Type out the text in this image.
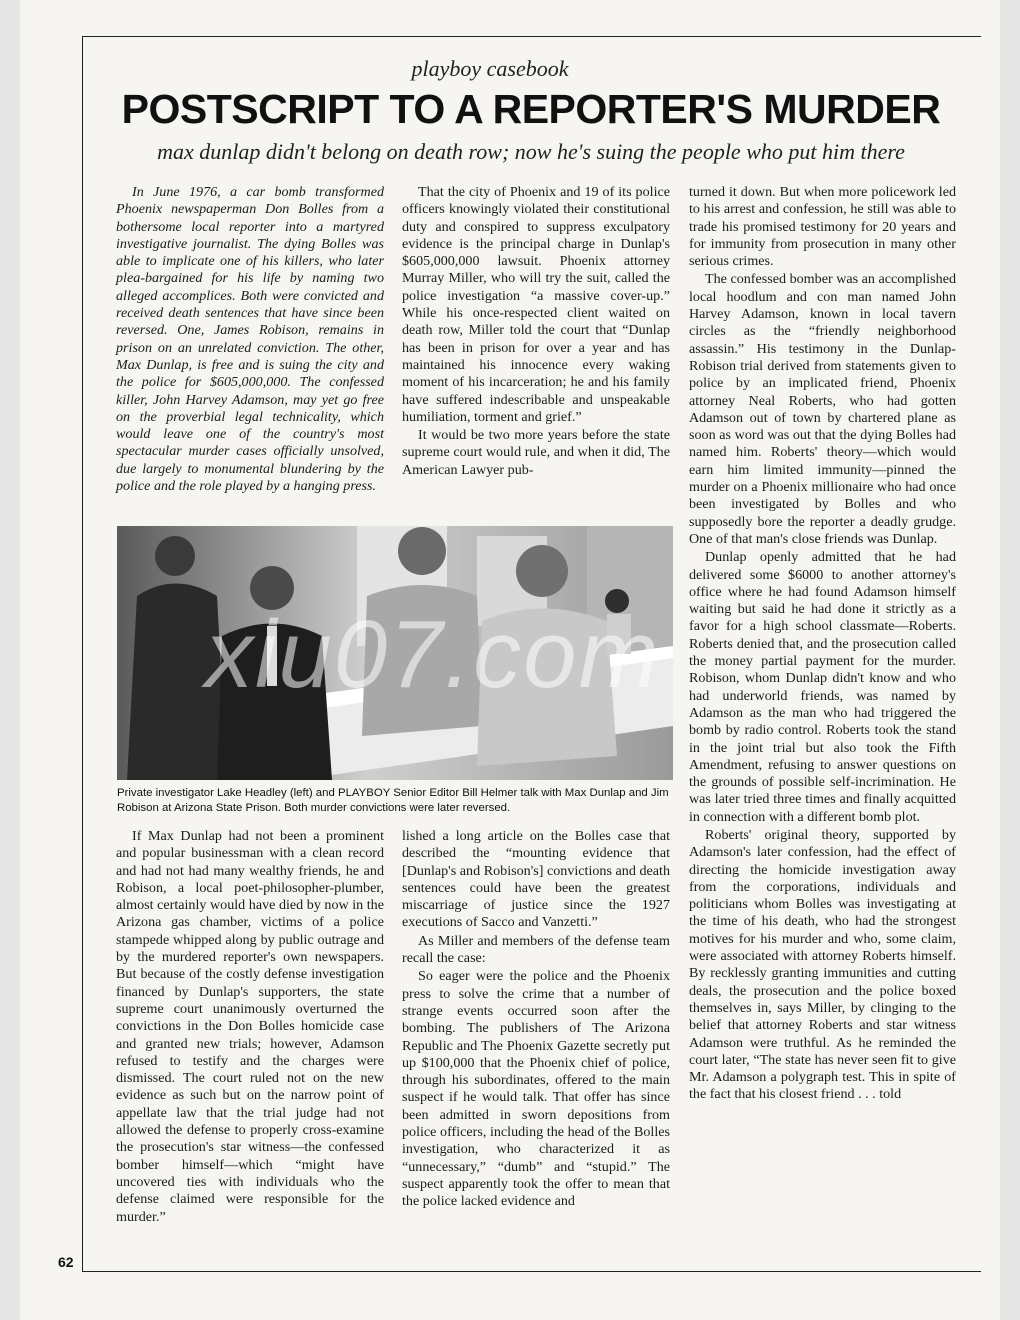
playboy casebook
POSTSCRIPT TO A REPORTER'S MURDER
max dunlap didn't belong on death row; now he's suing the people who put him there

In June 1976, a car bomb transformed Phoenix newspaperman Don Bolles from a bothersome local reporter into a martyred investigative journalist. The dying Bolles was able to implicate one of his killers, who later plea-bargained for his life by naming two alleged accomplices. Both were convicted and received death sentences that have since been reversed. One, James Robison, remains in prison on an unrelated conviction. The other, Max Dunlap, is free and is suing the city and the police for $605,000,000. The confessed killer, John Harvey Adamson, may yet go free on the proverbial legal technicality, which would leave one of the country's most spectacular murder cases officially unsolved, due largely to monumental blundering by the police and the role played by a hanging press.

If Max Dunlap had not been a prominent and popular businessman with a clean record and had not had many wealthy friends, he and Robison, a local poet-philosopher-plumber, almost certainly would have died by now in the Arizona gas chamber, victims of a police stampede whipped along by public outrage and by the murdered reporter's own newspapers. But because of the costly defense investigation financed by Dunlap's supporters, the state supreme court unanimously overturned the convictions in the Don Bolles homicide case and granted new trials; however, Adamson refused to testify and the charges were dismissed. The court ruled not on the new evidence as such but on the narrow point of appellate law that the trial judge had not allowed the defense to properly cross-examine the prosecution's star witness—the confessed bomber himself—which “might have uncovered ties with individuals who the defense claimed were responsible for the murder.”

That the city of Phoenix and 19 of its police officers knowingly violated their constitutional duty and conspired to suppress exculpatory evidence is the principal charge in Dunlap's $605,000,000 lawsuit. Phoenix attorney Murray Miller, who will try the suit, called the police investigation “a massive cover-up.” While his once-respected client waited on death row, Miller told the court that “Dunlap has been in prison for over a year and has maintained his innocence every waking moment of his incarceration; he and his family have suffered indescribable and unspeakable humiliation, torment and grief.”

It would be two more years before the state supreme court would rule, and when it did, The American Lawyer pub-

lished a long article on the Bolles case that described the “mounting evidence that [Dunlap's and Robison's] convictions and death sentences could have been the greatest miscarriage of justice since the 1927 executions of Sacco and Vanzetti.”

As Miller and members of the defense team recall the case:

So eager were the police and the Phoenix press to solve the crime that a number of strange events occurred soon after the bombing. The publishers of The Arizona Republic and The Phoenix Gazette secretly put up $100,000 that the Phoenix chief of police, through his subordinates, offered to the main suspect if he would talk. That offer has since been admitted in sworn depositions from police officers, including the head of the Bolles investigation, who characterized it as “unnecessary,” “dumb” and “stupid.” The suspect apparently took the offer to mean that the police lacked evidence and

turned it down. But when more policework led to his arrest and confession, he still was able to trade his promised testimony for 20 years and for immunity from prosecution in many other serious crimes.

The confessed bomber was an accomplished local hoodlum and con man named John Harvey Adamson, known in local tavern circles as the “friendly neighborhood assassin.” His testimony in the Dunlap-Robison trial derived from statements given to police by an implicated friend, Phoenix attorney Neal Roberts, who had gotten Adamson out of town by chartered plane as soon as word was out that the dying Bolles had named him. Roberts' theory—which would earn him limited immunity—pinned the murder on a Phoenix millionaire who had once been investigated by Bolles and who supposedly bore the reporter a deadly grudge. One of that man's close friends was Dunlap.

Dunlap openly admitted that he had delivered some $6000 to another attorney's office where he had found Adamson himself waiting but said he had done it strictly as a favor for a high school classmate—Roberts. Roberts denied that, and the prosecution called the money partial payment for the murder. Robison, whom Dunlap didn't know and who had underworld friends, was named by Adamson as the man who had triggered the bomb by radio control. Roberts took the stand in the joint trial but also took the Fifth Amendment, refusing to answer questions on the grounds of possible self-incrimination. He was later tried three times and finally acquitted in connection with a different bomb plot.

Roberts' original theory, supported by Adamson's later confession, had the effect of directing the homicide investigation away from the corporations, individuals and politicians whom Bolles was investigating at the time of his death, who had the strongest motives for his murder and who, some claim, were associated with attorney Roberts himself. By recklessly granting immunities and cutting deals, the prosecution and the police boxed themselves in, says Miller, by clinging to the belief that attorney Roberts and star witness Adamson were truthful. As he reminded the court later, “The state has never seen fit to give Mr. Adamson a polygraph test. This in spite of the fact that his closest friend . . . told

xiu07.com
Private investigator Lake Headley (left) and PLAYBOY Senior Editor Bill Helmer talk with Max Dunlap and Jim Robison at Arizona State Prison. Both murder convictions were later reversed.
62
